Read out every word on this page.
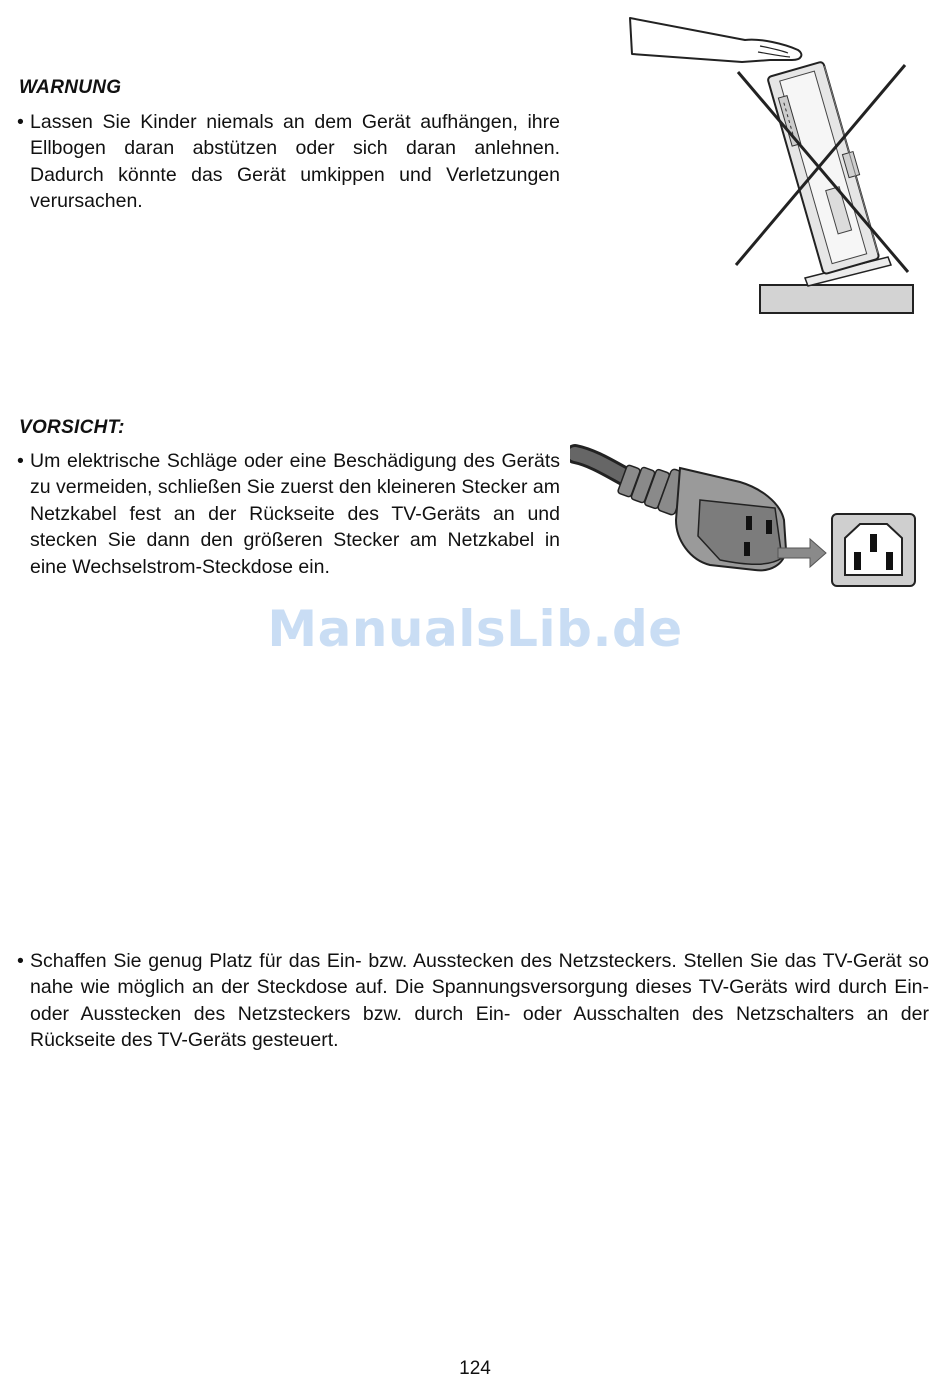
WARNUNG

• Lassen Sie Kinder niemals an dem Gerät aufhängen, ihre Ellbogen daran abstützen oder sich daran anlehnen. Dadurch könnte das Gerät umkippen und Verletzungen verursachen.

VORSICHT:

• Um elektrische Schläge oder eine Beschädigung des Geräts zu vermeiden, schließen Sie zuerst den kleineren Stecker am Netzkabel fest an der Rückseite des TV-Geräts an und stecken Sie dann den größeren Stecker am Netzkabel in eine Wechselstrom-Steckdose ein.

ManualsLib.de

• Schaffen Sie genug Platz für das Ein- bzw. Ausstecken des Netzsteckers. Stellen Sie das TV-Gerät so nahe wie möglich an der Steckdose auf. Die Spannungsversorgung dieses TV-Geräts wird durch Ein- oder Ausstecken des Netzsteckers bzw. durch Ein- oder Ausschalten des Netzschalters an der Rückseite des TV-Geräts gesteuert.

124
